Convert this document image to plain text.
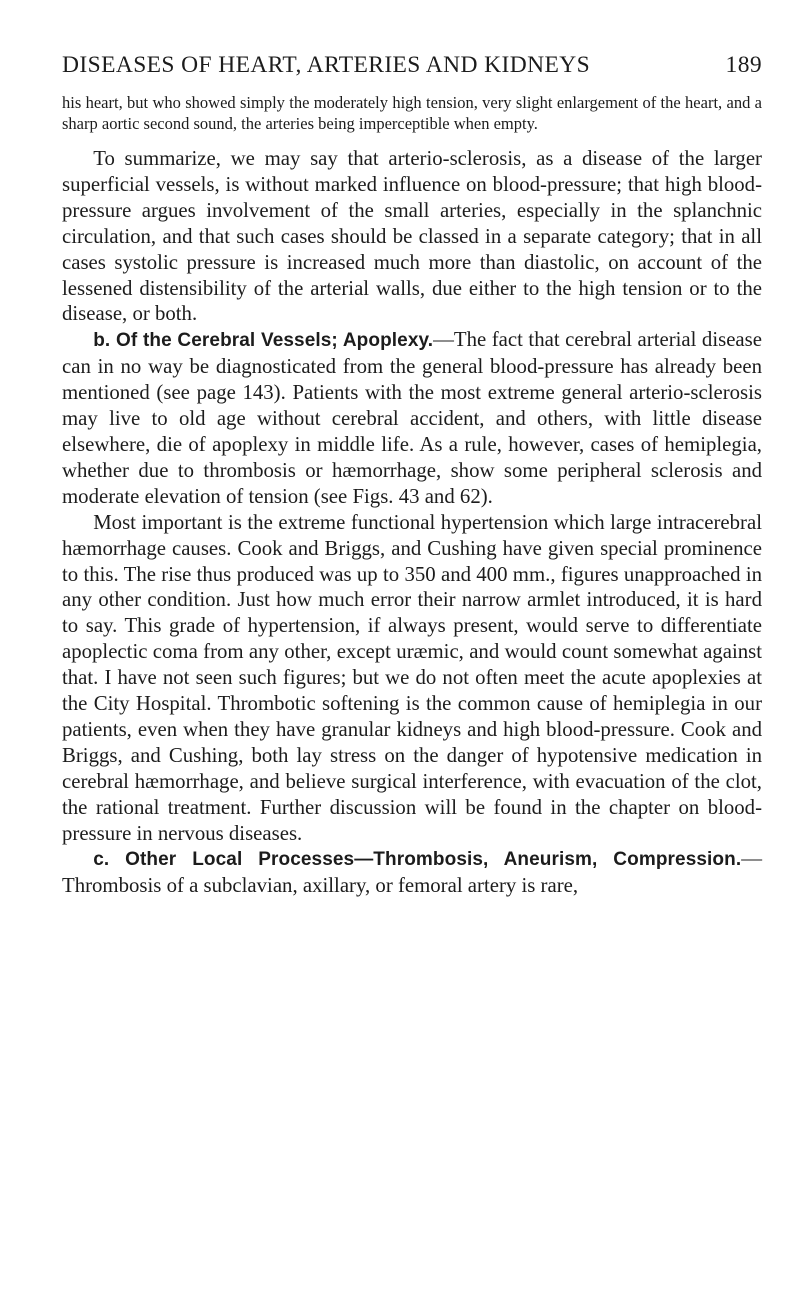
DISEASES OF HEART, ARTERIES AND KIDNEYS	189

his heart, but who showed simply the moderately high tension, very slight enlargement of the heart, and a sharp aortic second sound, the arteries being imperceptible when empty.

To summarize, we may say that arterio-sclerosis, as a disease of the larger superficial vessels, is without marked influence on blood-pressure; that high blood-pressure argues involvement of the small arteries, especially in the splanchnic circulation, and that such cases should be classed in a separate category; that in all cases systolic pressure is increased much more than diastolic, on account of the lessened distensibility of the arterial walls, due either to the high tension or to the disease, or both.

b. Of the Cerebral Vessels; Apoplexy.—The fact that cerebral arterial disease can in no way be diagnosticated from the general blood-pressure has already been mentioned (see page 143). Patients with the most extreme general arterio-sclerosis may live to old age without cerebral accident, and others, with little disease elsewhere, die of apoplexy in middle life. As a rule, however, cases of hemiplegia, whether due to thrombosis or hæmorrhage, show some peripheral sclerosis and moderate elevation of tension (see Figs. 43 and 62).

Most important is the extreme functional hypertension which large intracerebral hæmorrhage causes. Cook and Briggs, and Cushing have given special prominence to this. The rise thus produced was up to 350 and 400 mm., figures unapproached in any other condition. Just how much error their narrow armlet introduced, it is hard to say. This grade of hypertension, if always present, would serve to differentiate apoplectic coma from any other, except uræmic, and would count somewhat against that. I have not seen such figures; but we do not often meet the acute apoplexies at the City Hospital. Thrombotic softening is the common cause of hemiplegia in our patients, even when they have granular kidneys and high blood-pressure. Cook and Briggs, and Cushing, both lay stress on the danger of hypotensive medication in cerebral hæmorrhage, and believe surgical interference, with evacuation of the clot, the rational treatment. Further discussion will be found in the chapter on blood-pressure in nervous diseases.

c. Other Local Processes—Thrombosis, Aneurism, Compression.—Thrombosis of a subclavian, axillary, or femoral artery is rare,
